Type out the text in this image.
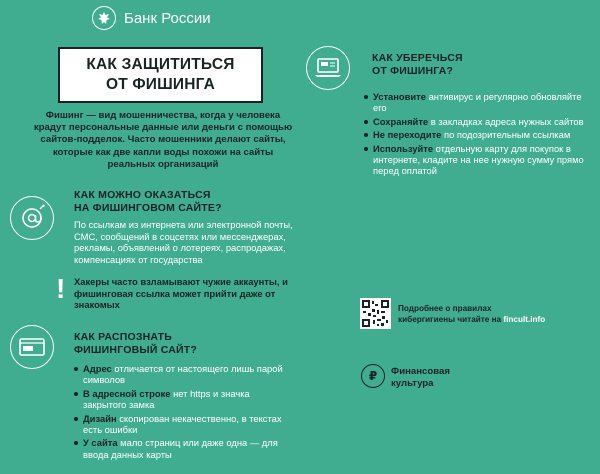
Банк России
КАК ЗАЩИТИТЬСЯ
ОТ ФИШИНГА
Фишинг — вид мошенничества, когда у человека крадут персональные данные или деньги с помощью сайтов-подделок. Часто мошенники делают сайты, которые как две капли воды похожи на сайты реальных организаций
КАК МОЖНО ОКАЗАТЬСЯ
НА ФИШИНГОВОМ САЙТЕ?
По ссылкам из интернета или электронной почты, СМС, сообщений в соцсетях или мессенджерах, рекламы, объявлений о лотереях, распродажах, компенсациях от государства
! Хакеры часто взламывают чужие аккаунты, и фишинговая ссылка может прийти даже от знакомых
КАК РАСПОЗНАТЬ
ФИШИНГОВЫЙ САЙТ?
Адрес отличается от настоящего лишь парой символов
В адресной строке нет https и значка закрытого замка
Дизайн скопирован некачественно, в текстах есть ошибки
У сайта мало страниц или даже одна — для ввода данных карты
КАК УБЕРЕЧЬСЯ
ОТ ФИШИНГА?
Установите антивирус и регулярно обновляйте его
Сохраняйте в закладках адреса нужных сайтов
Не переходите по подозрительным ссылкам
Используйте отдельную карту для покупок в интернете, кладите на нее нужную сумму прямо перед оплатой
Подробнее о правилах
кибергигиены читайте на fincult.info
₽	Финансовая
культура
